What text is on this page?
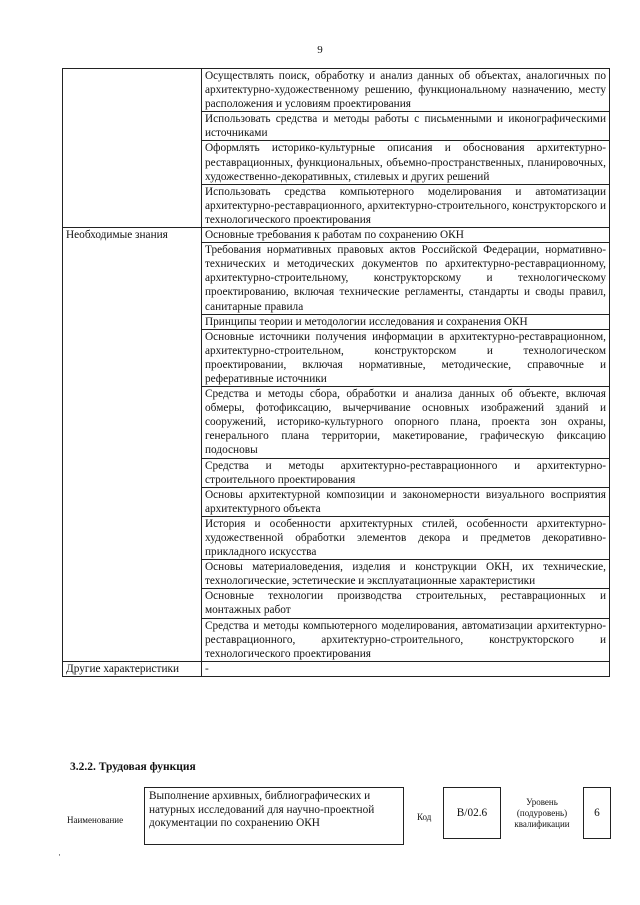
9
	Осуществлять поиск, обработку и анализ данных об объектах, аналогичных по архитектурно-художественному решению, функциональному назначению, месту расположения и условиям проектирования
	Использовать средства и методы работы с письменными и иконографическими источниками
	Оформлять историко-культурные описания и обоснования архитектурно-реставрационных, функциональных, объемно-пространственных, планировочных, художественно-декоративных, стилевых и других решений
	Использовать средства компьютерного моделирования и автоматизации архитектурно-реставрационного, архитектурно-строительного, конструкторского и технологического проектирования
Необходимые знания	Основные требования к работам по сохранению ОКН
	Требования нормативных правовых актов Российской Федерации, нормативно-технических и методических документов по архитектурно-реставрационному, архитектурно-строительному, конструкторскому и технологическому проектированию, включая технические регламенты, стандарты и своды правил, санитарные правила
	Принципы теории и методологии исследования и сохранения ОКН
	Основные источники получения информации в архитектурно-реставрационном, архитектурно-строительном, конструкторском и технологическом проектировании, включая нормативные, методические, справочные и реферативные источники
	Средства и методы сбора, обработки и анализа данных об объекте, включая обмеры, фотофиксацию, вычерчивание основных изображений зданий и сооружений, историко-культурного опорного плана, проекта зон охраны, генерального плана территории, макетирование, графическую фиксацию подосновы
	Средства и методы архитектурно-реставрационного и архитектурно-строительного проектирования
	Основы архитектурной композиции и закономерности визуального восприятия архитектурного объекта
	История и особенности архитектурных стилей, особенности архитектурно-художественной обработки элементов декора и предметов декоративно-прикладного искусства
	Основы материаловедения, изделия и конструкции ОКН, их технические, технологические, эстетические и эксплуатационные характеристики
	Основные технологии производства строительных, реставрационных и монтажных работ
	Средства и методы компьютерного моделирования, автоматизации архитектурно-реставрационного, архитектурно-строительного, конструкторского и технологического проектирования
Другие характеристики	-
3.2.2. Трудовая функция
Наименование
Выполнение архивных, библиографических и натурных исследований для научно-проектной документации по сохранению ОКН
Код	B/02.6
Уровень (подуровень) квалификации
6
·
